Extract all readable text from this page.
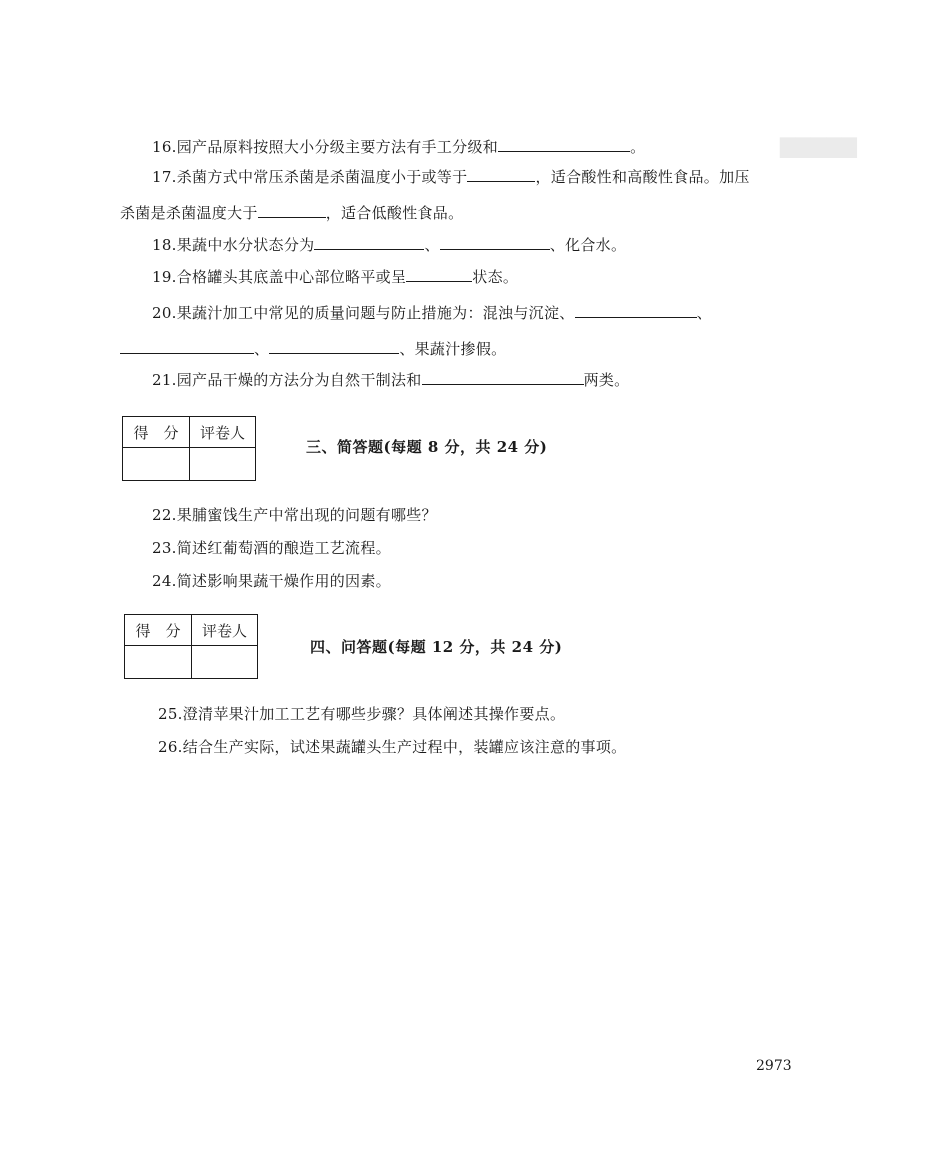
▇▇▇▇▇
16.园产品原料按照大小分级主要方法有手工分级和	。
17.杀菌方式中常压杀菌是杀菌温度小于或等于	，适合酸性和高酸性食品。加压
杀菌是杀菌温度大于	，适合低酸性食品。
18.果蔬中水分状态分为	、	、化合水。
19.合格罐头其底盖中心部位略平或呈	状态。
20.果蔬汁加工中常见的质量问题与防止措施为：混浊与沉淀、	、
、	、果蔬汁掺假。
21.园产品干燥的方法分为自然干制法和	两类。
得　分	评卷人

三、简答题(每题 8 分，共 24 分)
22.果脯蜜饯生产中常出现的问题有哪些？
23.简述红葡萄酒的酿造工艺流程。
24.简述影响果蔬干燥作用的因素。
得　分	评卷人

四、问答题(每题 12 分，共 24 分)
25.澄清苹果汁加工工艺有哪些步骤？具体阐述其操作要点。
26.结合生产实际，试述果蔬罐头生产过程中，装罐应该注意的事项。
2973
